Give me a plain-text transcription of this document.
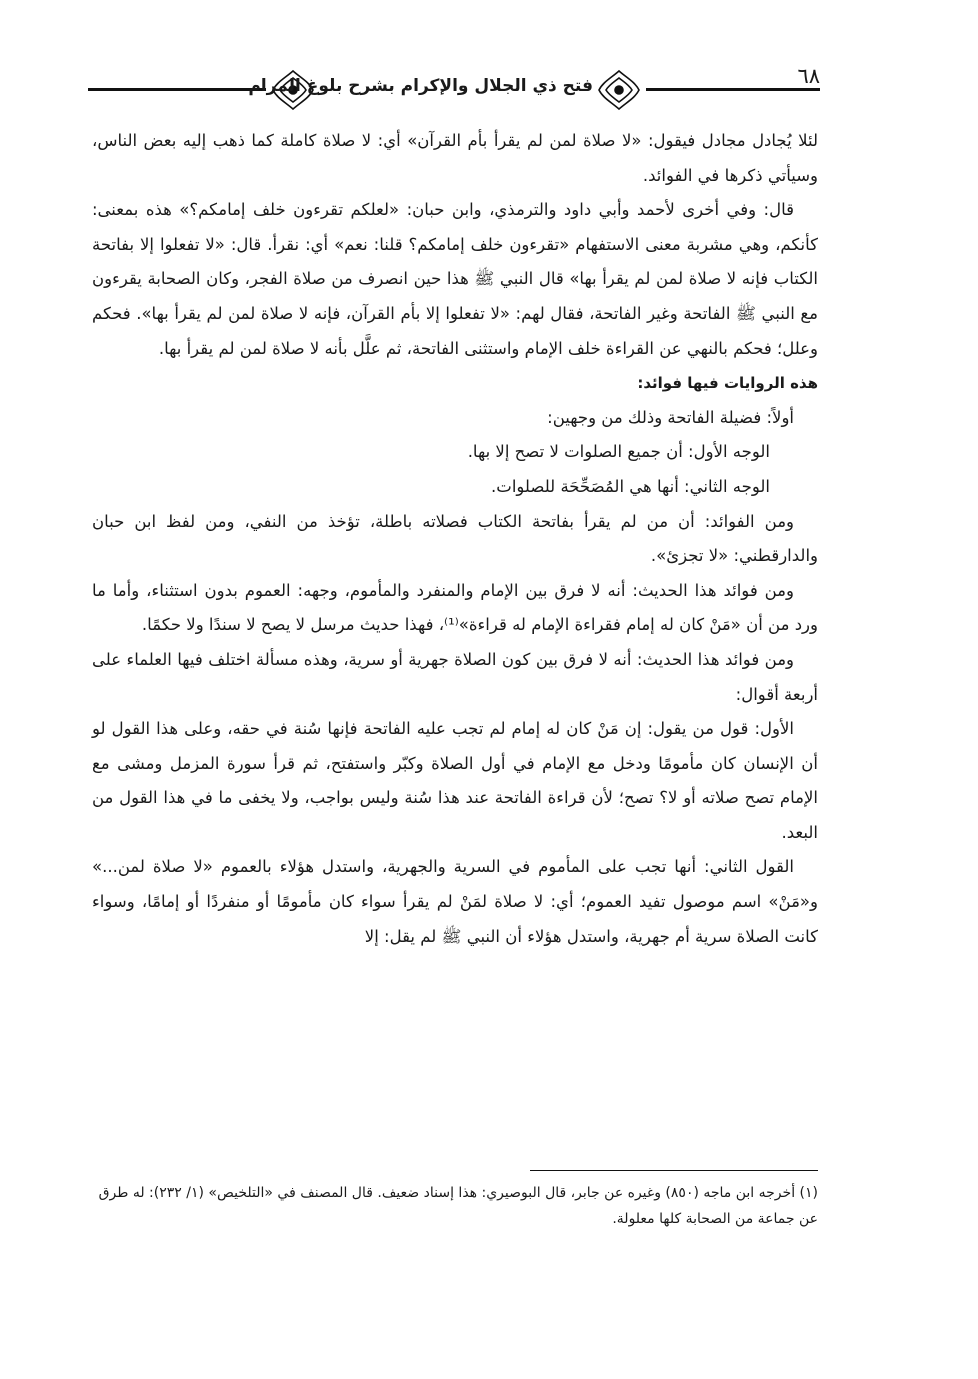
فتح ذي الجلال والإكرام بشرح بلوغ المرام	٦٨

لئلا يُجادل مجادل فيقول: «لا صلاة لمن لم يقرأ بأم القرآن» أي: لا صلاة كاملة كما ذهب إليه بعض الناس، وسيأتي ذكرها في الفوائد.

قال: وفي أخرى لأحمد وأبي داود والترمذي، وابن حبان: «لعلكم تقرءون خلف إمامكم؟» هذه بمعنى: كأنكم، وهي مشربة معنى الاستفهام «تقرءون خلف إمامكم؟ قلنا: نعم» أي: نقرأ. قال: «لا تفعلوا إلا بفاتحة الكتاب فإنه لا صلاة لمن لم يقرأ بها» قال النبي ﷺ هذا حين انصرف من صلاة الفجر، وكان الصحابة يقرءون مع النبي ﷺ الفاتحة وغير الفاتحة، فقال لهم: «لا تفعلوا إلا بأم القرآن، فإنه لا صلاة لمن لم يقرأ بها». فحكم وعلل؛ فحكم بالنهي عن القراءة خلف الإمام واستثنى الفاتحة، ثم علَّل بأنه لا صلاة لمن لم يقرأ بها.

هذه الروايات فيها فوائد:

أولاً: فضيلة الفاتحة وذلك من وجهين:

الوجه الأول: أن جميع الصلوات لا تصح إلا بها.

الوجه الثاني: أنها هي المُصَحِّحَة للصلوات.

ومن الفوائد: أن من لم يقرأ بفاتحة الكتاب فصلاته باطلة، تؤخذ من النفي، ومن لفظ ابن حبان والدارقطني: «لا تجزئ».

ومن فوائد هذا الحديث: أنه لا فرق بين الإمام والمنفرد والمأموم، وجهه: العموم بدون استثناء، وأما ما ورد من أن «مَنْ كان له إمام فقراءة الإمام له قراءة»⁽¹⁾، فهذا حديث مرسل لا يصح لا سندًا ولا حكمًا.

ومن فوائد هذا الحديث: أنه لا فرق بين كون الصلاة جهرية أو سرية، وهذه مسألة اختلف فيها العلماء على أربعة أقوال:

الأول: قول من يقول: إن مَنْ كان له إمام لم تجب عليه الفاتحة فإنها سُنة في حقه، وعلى هذا القول لو أن الإنسان كان مأمومًا ودخل مع الإمام في أول الصلاة وكبّر واستفتح، ثم قرأ سورة المزمل ومشى مع الإمام تصح صلاته أو لا؟ تصح؛ لأن قراءة الفاتحة عند هذا سُنة وليس بواجب، ولا يخفى ما في هذا القول من البعد.

القول الثاني: أنها تجب على المأموم في السرية والجهرية، واستدل هؤلاء بالعموم «لا صلاة لمن...» و«مَنْ» اسم موصول تفيد العموم؛ أي: لا صلاة لمَنْ لم يقرأ سواء كان مأمومًا أو منفردًا أو إمامًا، وسواء كانت الصلاة سرية أم جهرية، واستدل هؤلاء أن النبي ﷺ لم يقل: إلا

(١) أخرجه ابن ماجه (٨٥٠) وغيره عن جابر، قال البوصيري: هذا إسناد ضعيف. قال المصنف في «التلخيص» (١/ ٢٣٢): له طرق عن جماعة من الصحابة كلها معلولة.
